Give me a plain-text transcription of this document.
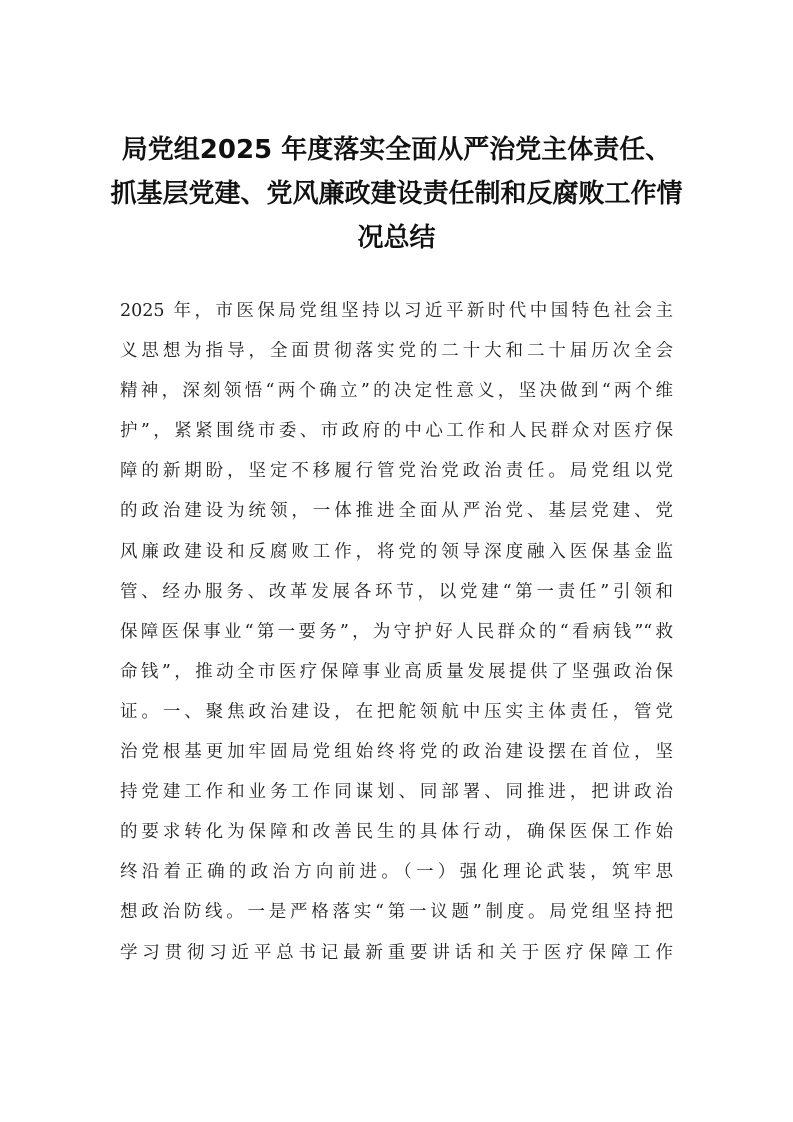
局党组2025 年度落实全面从严治党主体责任、抓基层党建、党风廉政建设责任制和反腐败工作情况总结
2025 年，市医保局党组坚持以习近平新时代中国特色社会主
义思想为指导，全面贯彻落实党的二十大和二十届历次全会
精神，深刻领悟“两个确立”的决定性意义，坚决做到“两个维
护”，紧紧围绕市委、市政府的中心工作和人民群众对医疗保
障的新期盼，坚定不移履行管党治党政治责任。局党组以党
的政治建设为统领，一体推进全面从严治党、基层党建、党
风廉政建设和反腐败工作，将党的领导深度融入医保基金监
管、经办服务、改革发展各环节，以党建“第一责任”引领和
保障医保事业“第一要务”，为守护好人民群众的“看病钱”“救
命钱”，推动全市医疗保障事业高质量发展提供了坚强政治保
证。一、聚焦政治建设，在把舵领航中压实主体责任，管党
治党根基更加牢固局党组始终将党的政治建设摆在首位，坚
持党建工作和业务工作同谋划、同部署、同推进，把讲政治
的要求转化为保障和改善民生的具体行动，确保医保工作始
终沿着正确的政治方向前进。（一）强化理论武装，筑牢思
想政治防线。一是严格落实“第一议题”制度。局党组坚持把
学习贯彻习近平总书记最新重要讲话和关于医疗保障工作
